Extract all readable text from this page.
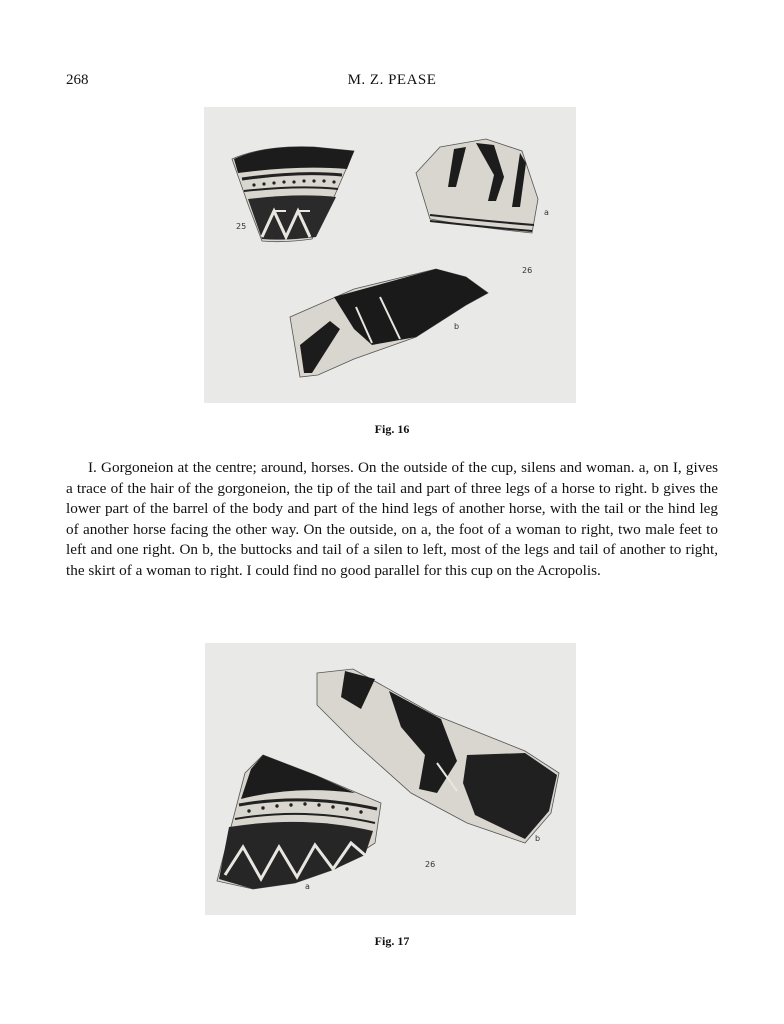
268	M. Z. PEASE
25
a
26
b
Fig. 16

I. Gorgoneion at the centre; around, horses. On the outside of the cup, silens and woman. a, on I, gives a trace of the hair of the gorgoneion, the tip of the tail and part of three legs of a horse to right. b gives the lower part of the barrel of the body and part of the hind legs of another horse, with the tail or the hind leg of another horse facing the other way. On the outside, on a, the foot of a woman to right, two male feet to left and one right. On b, the buttocks and tail of a silen to left, most of the legs and tail of another to right, the skirt of a woman to right. I could find no good parallel for this cup on the Acropolis.

b
a
26
Fig. 17
